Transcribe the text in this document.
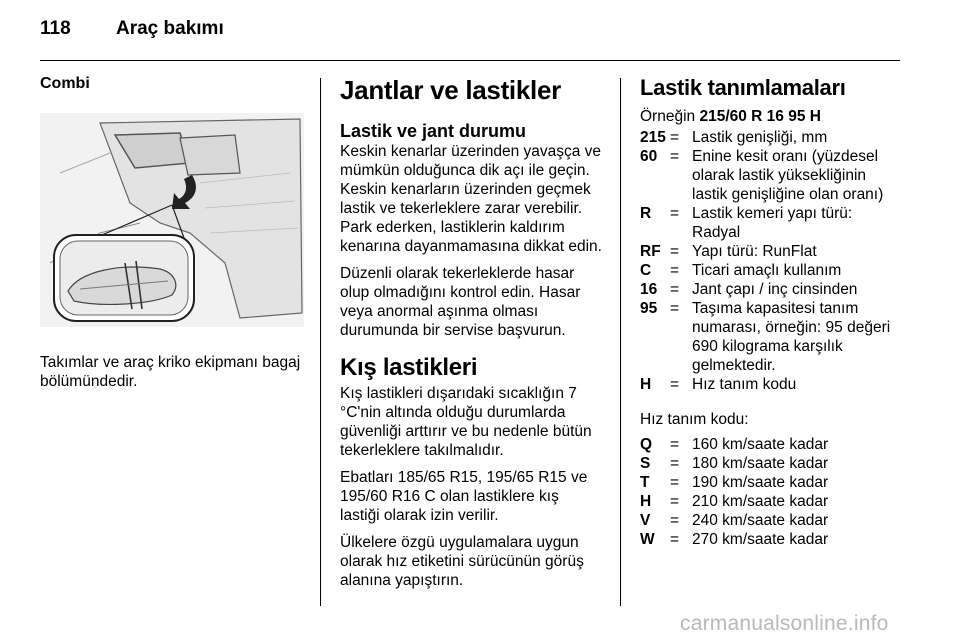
118 Araç bakımı
Combi

Takımlar ve araç kriko ekipmanı bagaj bölümündedir.

Jantlar ve lastikler
Lastik ve jant durumu

Keskin kenarlar üzerinden yavaşça ve mümkün olduğunca dik açı ile geçin. Keskin kenarların üzerinden geçmek lastik ve tekerleklere zarar verebilir. Park ederken, lastiklerin kaldırım kenarına dayanmamasına dikkat edin.

Düzenli olarak tekerleklerde hasar olup olmadığını kontrol edin. Hasar veya anormal aşınma olması durumunda bir servise başvurun.

Kış lastikleri

Kış lastikleri dışarıdaki sıcaklığın 7 °C'nin altında olduğu durumlarda güvenliği arttırır ve bu nedenle bütün tekerleklere takılmalıdır.

Ebatları 185/65 R15, 195/65 R15 ve 195/60 R16 C olan lastiklere kış lastiği olarak izin verilir.

Ülkelere özgü uygulamalara uygun olarak hız etiketini sürücünün görüş alanına yapıştırın.

Lastik tanımlamaları
Örneğin 215/60 R 16 95 H
215 = Lastik genişliği, mm
60 = Enine kesit oranı (yüzdesel olarak lastik yüksekliğinin lastik genişliğine olan oranı)
R	= Lastik kemeri yapı türü: Radyal
RF = Yapı türü: RunFlat
C	= Ticari amaçlı kullanım
16 = Jant çapı / inç cinsinden
95 = Taşıma kapasitesi tanım numarası, örneğin: 95 değeri 690 kilograma karşılık gelmektedir.
H	= Hız tanım kodu
Hız tanım kodu:
Q	= 160 km/saate kadar
S	= 180 km/saate kadar
T	= 190 km/saate kadar
H	= 210 km/saate kadar
V	= 240 km/saate kadar
W = 270 km/saate kadar
carmanualsonline.info
